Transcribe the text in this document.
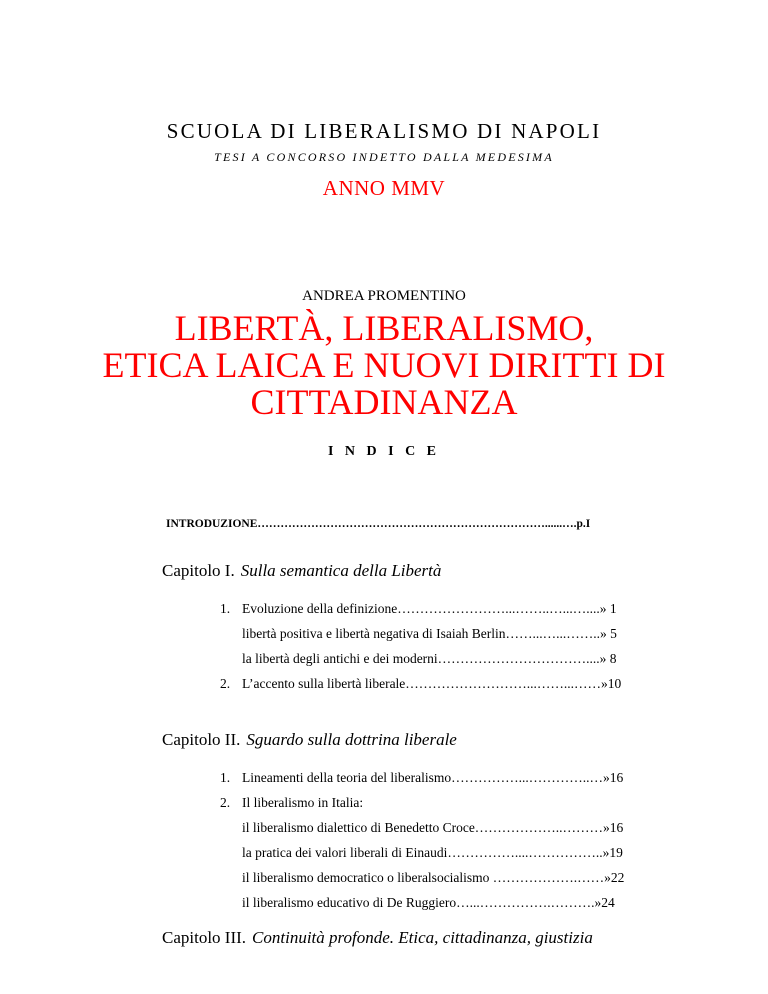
SCUOLA DI LIBERALISMO DI NAPOLI
TESI A CONCORSO INDETTO DALLA MEDESIMA
ANNO MMV
ANDREA PROMENTINO
LIBERTÀ, LIBERALISMO,
ETICA LAICA E NUOVI DIRITTI DI
CITTADINANZA
I N D I C E
INTRODUZIONE…………………………………………………………………......….p.I
Capitolo I. Sulla semantica della Libertà
1. Evoluzione della definizione……………………...……..…...…....» 1
libertà positiva e libertà negativa di Isaiah Berlin……...…...……..» 5
la libertà degli antichi e dei moderni……………………………....» 8
2. L’accento sulla libertà liberale………………………...……...……»10
Capitolo II. Sguardo sulla dottrina liberale
1. Lineamenti della teoria del liberalismo……………...…………..…»16
2. Il liberalismo in Italia:
il liberalismo dialettico di Benedetto Croce………………..………»16
la pratica dei valori liberali di Einaudi……………....……………..»19
il liberalismo democratico o liberalsocialismo ……………….……»22
il liberalismo educativo di De Ruggiero…...…………….……….»24
Capitolo III. Continuità profonde. Etica, cittadinanza, giustizia
